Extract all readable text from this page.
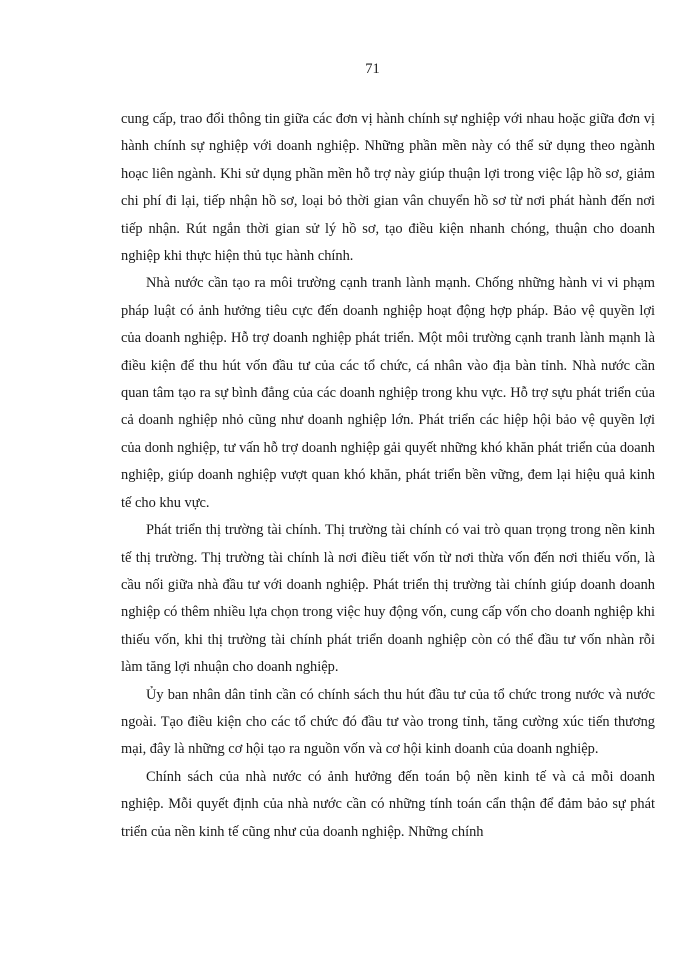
71

cung cấp, trao đổi thông tin giữa các đơn vị hành chính sự nghiệp với nhau hoặc giữa đơn vị hành chính sự nghiệp với doanh nghiệp. Những phần mền này có thể sử dụng theo ngành hoạc liên ngành. Khi sử dụng phần mền hỗ trợ này giúp thuận lợi trong việc lập hồ sơ, giảm chi phí đi lại, tiếp nhận hồ sơ, loại bỏ thời gian vân chuyển hồ sơ từ nơi phát hành đến nơi tiếp nhận. Rút ngắn thời gian sử lý hồ sơ, tạo điều kiện nhanh chóng, thuận cho doanh nghiệp khi thực hiện thủ tục hành chính.

Nhà nước cần tạo ra môi trường cạnh tranh lành mạnh. Chống những hành vi vi phạm pháp luật có ảnh hưởng tiêu cực đến doanh nghiệp hoạt động hợp pháp. Bảo vệ quyền lợi của doanh nghiệp. Hỗ trợ doanh nghiệp phát triển. Một môi trường cạnh tranh lành mạnh là điều kiện để thu hút vốn đầu tư của các tổ chức, cá nhân vào địa bàn tỉnh. Nhà nước cần quan tâm tạo ra sự bình đẳng của các doanh nghiệp trong khu vực. Hỗ trợ sựu phát triển của cả doanh nghiệp nhỏ cũng như doanh nghiệp lớn. Phát triển các hiệp hội bảo vệ quyền lợi của donh nghiệp, tư vấn hỗ trợ doanh nghiệp gải quyết những khó khăn phát triển của doanh nghiệp, giúp doanh nghiệp vượt quan khó khăn, phát triển bền vững, đem lại hiệu quả kinh tế cho khu vực.

Phát triển thị trường tài chính. Thị trường tài chính có vai trò quan trọng trong nền kinh tế thị trường. Thị trường tài chính là nơi điều tiết vốn từ nơi thừa vốn đến nơi thiếu vốn, là cầu nối giữa nhà đầu tư với doanh nghiệp. Phát triển thị trường tài chính giúp doanh doanh nghiệp có thêm nhiều lựa chọn trong việc huy động vốn, cung cấp vốn cho doanh nghiệp khi thiếu vốn, khi thị trường tài chính phát triển doanh nghiệp còn có thể đầu tư vốn nhàn rỗi làm tăng lợi nhuận cho doanh nghiệp.

Ủy ban nhân dân tỉnh cần có chính sách thu hút đầu tư của tổ chức trong nước và nước ngoài. Tạo điều kiện cho các tổ chức đó đầu tư vào trong tỉnh, tăng cường xúc tiến thương mại, đây là những cơ hội tạo ra nguồn vốn và cơ hội kinh doanh của doanh nghiệp.

Chính sách của nhà nước có ảnh hưởng đến toán bộ nền kinh tế và cả mỗi doanh nghiệp. Mỗi quyết định của nhà nước cần có những tính toán cẩn thận để đảm bảo sự phát triển của nền kinh tế cũng như của doanh nghiệp. Những chính
